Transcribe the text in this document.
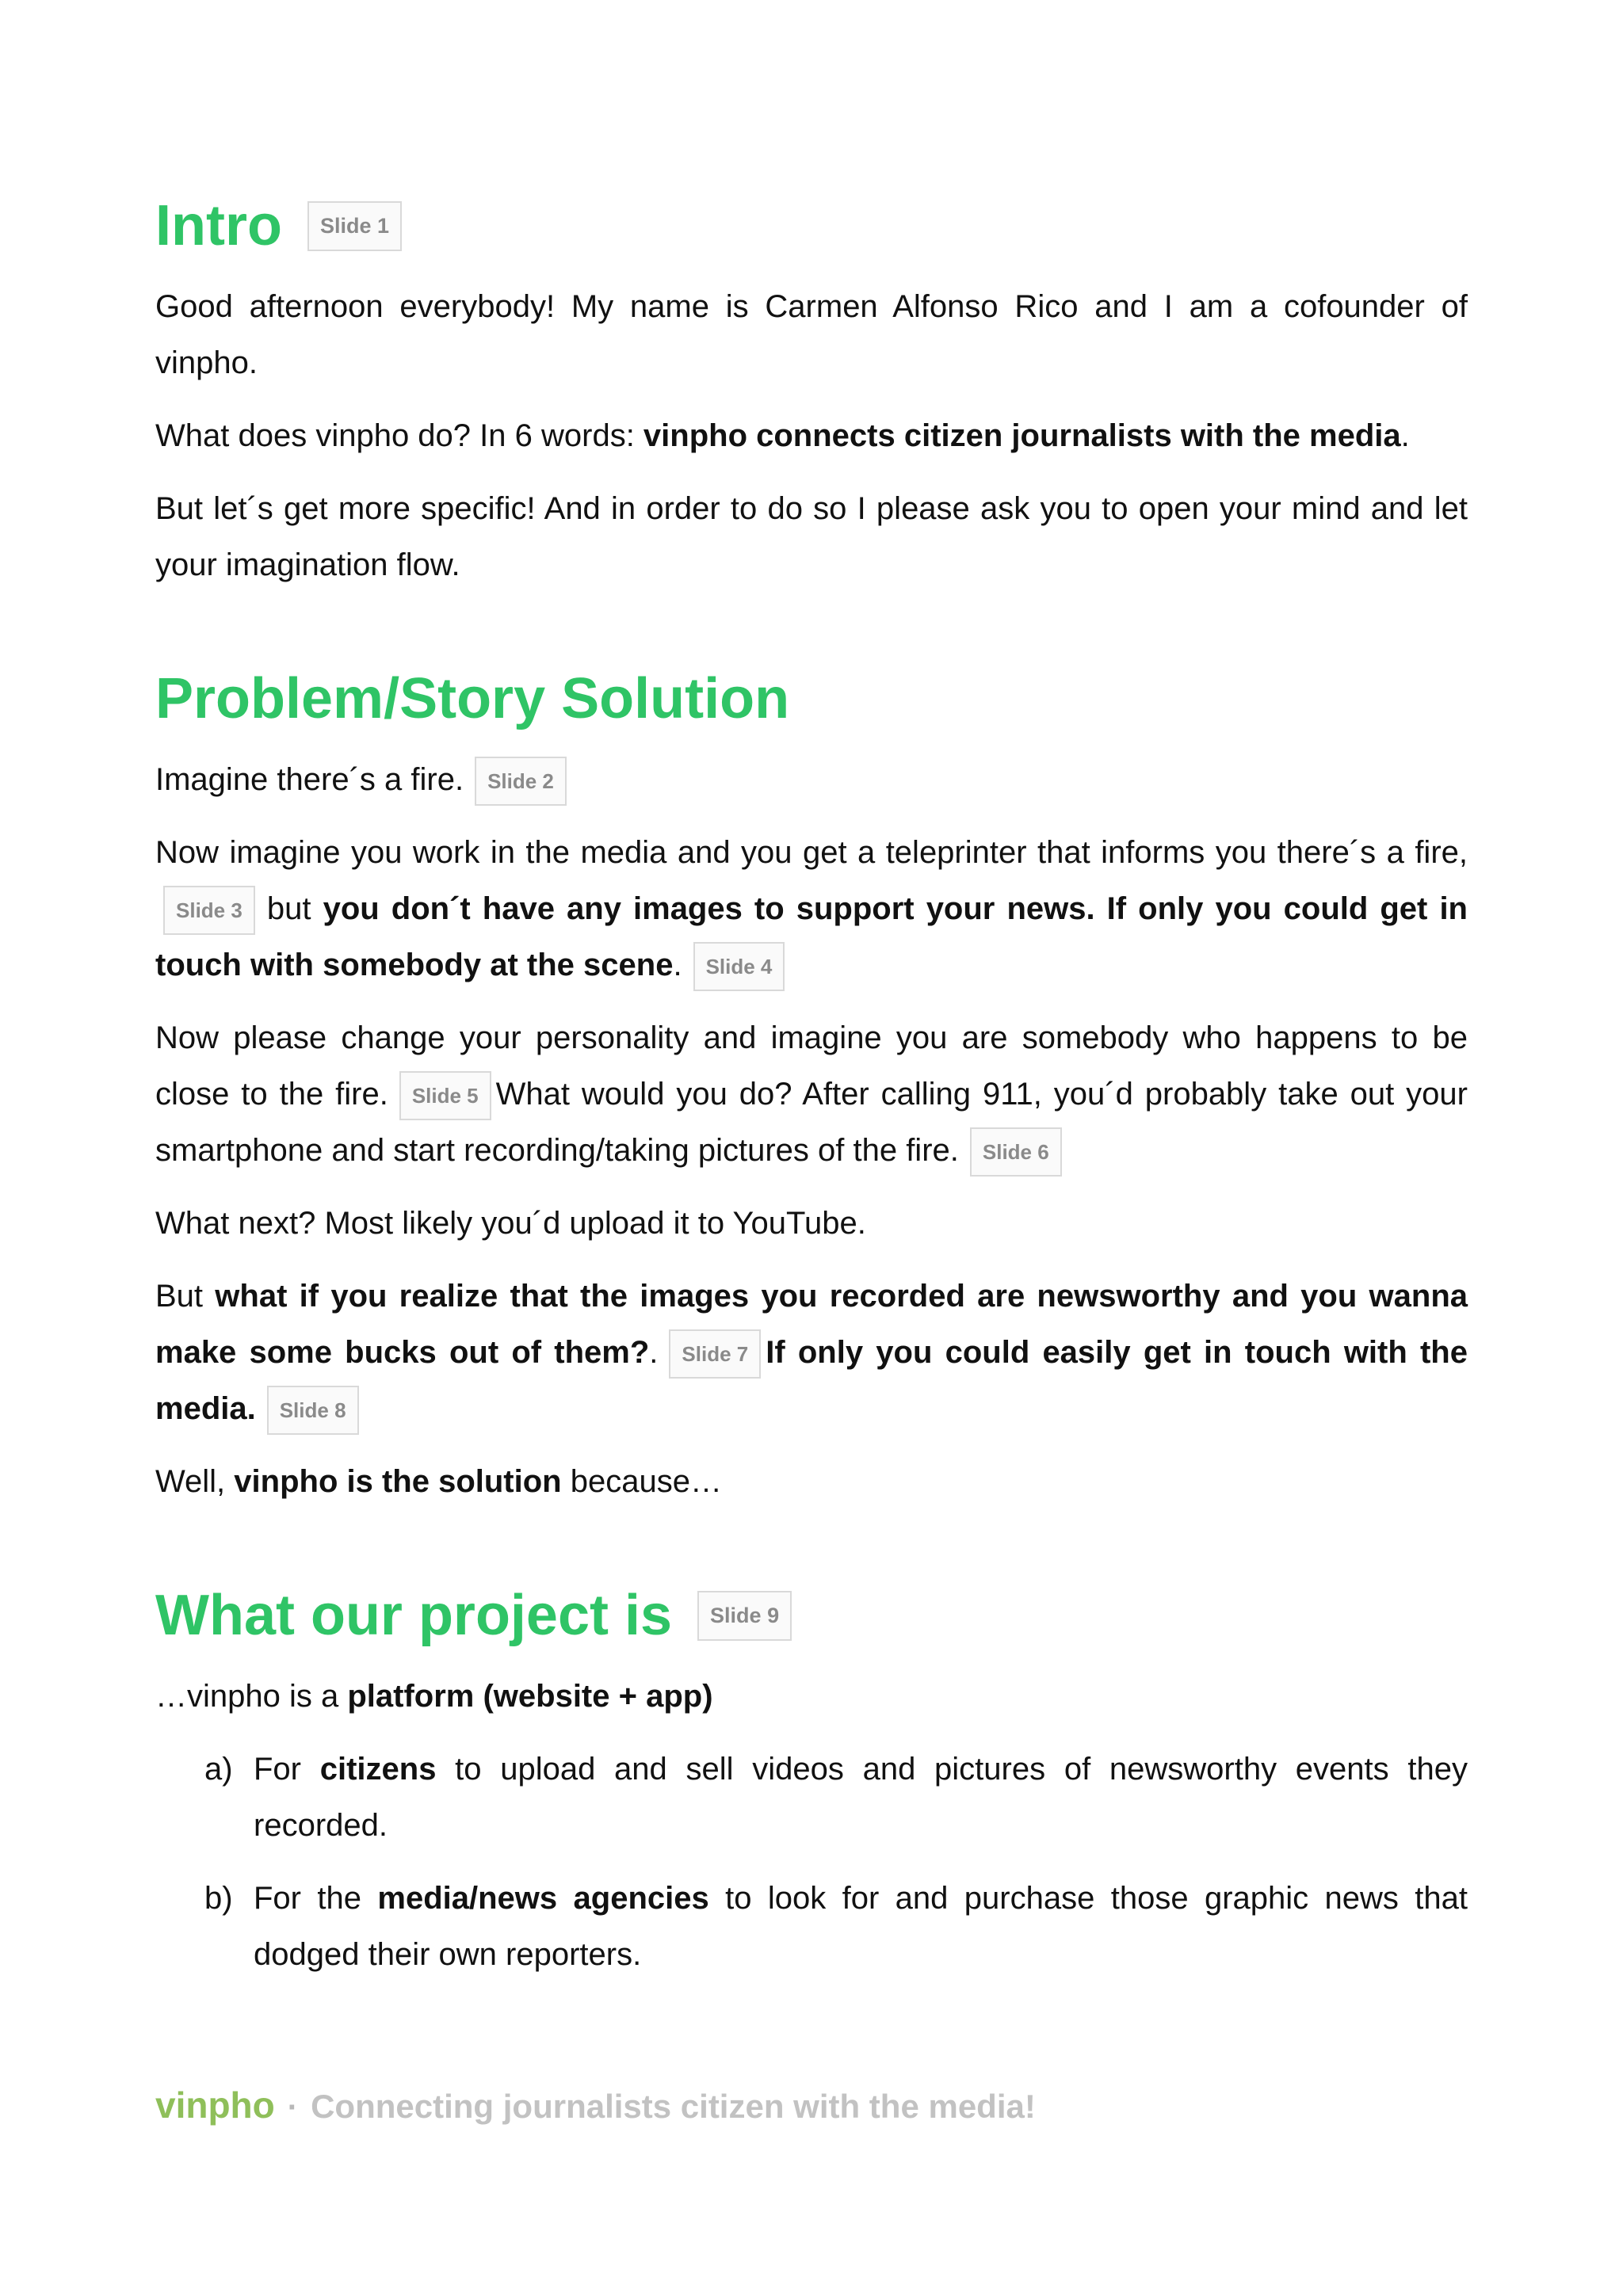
Intro	Slide 1

Good afternoon everybody! My name is Carmen Alfonso Rico and I am a cofounder of vinpho.

What does vinpho do? In 6 words: vinpho connects citizen journalists with the media.

But let´s get more specific! And in order to do so I please ask you to open your mind and let your imagination flow.

Problem/Story Solution

Imagine there´s a fire. Slide 2

Now imagine you work in the media and you get a teleprinter that informs you there´s a fire,Slide 3 but you don´t have any images to support your news. If only you could get in touch with somebody at the scene. Slide 4

Now please change your personality and imagine you are somebody who happens to be close to the fire. Slide 5 What would you do? After calling 911, you´d probably take out your smartphone and start recording/taking pictures of the fire. Slide 6

What next? Most likely you´d upload it to YouTube.

But what if you realize that the images you recorded are newsworthy and you wanna make some bucks out of them?. Slide 7 If only you could easily get in touch with the media. Slide 8

Well, vinpho is the solution because…

What our project is	Slide 9

…vinpho is a platform (website + app)

a) For citizens to upload and sell videos and pictures of newsworthy events they recorded.
b) For the media/news agencies to look for and purchase those graphic news that dodged their own reporters.
vinpho · Connecting journalists citizen with the media!
